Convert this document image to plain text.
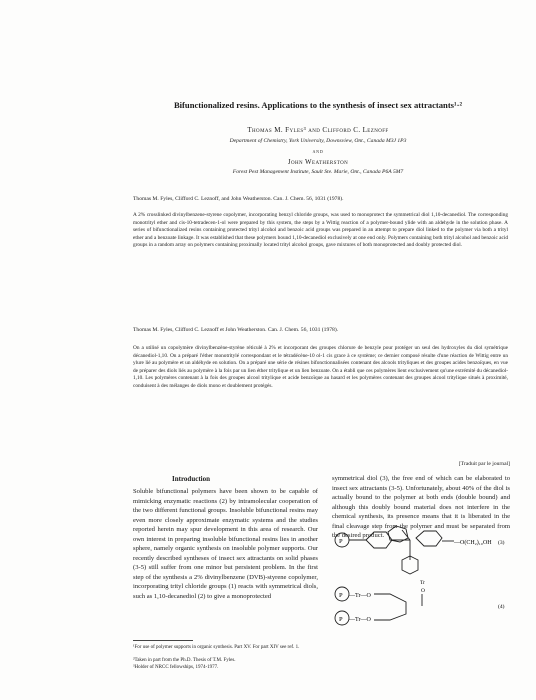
Bifunctionalized resins. Applications to the synthesis of insect sex attractants¹·²
Thomas M. Fyles³ and Clifford C. Leznoff
Department of Chemistry, York University, Downsview, Ont., Canada M3J 1P3
and
John Weatherston
Forest Pest Management Institute, Sault Ste. Marie, Ont., Canada P6A 5M7
Thomas M. Fyles, Clifford C. Leznoff, and John Weatherston. Can. J. Chem. 56, 1031 (1978).
A 2% crosslinked divinylbenzene-styrene copolymer, incorporating benzyl chloride groups, was used to monoprotect the symmetrical diol 1,10-decanediol. The corresponding monotrityl ether and cis-10-tetradecen-1-ol were prepared by this system, the steps by a Wittig reaction of a polymer-bound ylide with an aldehyde in the solution phase. A series of bifunctionalized resins containing protected trityl alcohol and benzoic acid groups was prepared in an attempt to prepare diol linked to the polymer via both a trityl ether and a benzoate linkage. It was established that these polymers bound 1,10-decanediol exclusively at one end only. Polymers containing both trityl alcohol and benzoic acid groups in a random array on polymers containing proximally located trityl alcohol groups, gave mixtures of both monoprotected and doubly protected diol.
Thomas M. Fyles, Clifford C. Leznoff et John Weatherston. Can. J. Chem. 56, 1031 (1978).
On a utilisé un copolymère divinylbenzène-styrène réticulé à 2% et incorporant des groupes chlorure de benzyle pour protéger un seul des hydroxyles du diol symétrique décanediol-1,10. On a préparé l'éther monotritylé correspondant et le tétradécène-10 ol-1 cis grace à ce système; ce dernier composé résulte d'une réaction de Wittig entre un ylure lié au polymère et un aldéhyde en solution. On a préparé une série de résines bifonctionnalisées contenant des alcools trityliques et des groupes acides benzoïques, en vue de préparer des diols liés au polymère à la fois par un lien éther tritylique et un lien benzoate. On a établi que ces polymères lient exclusivement qu'une extrémité du décanediol-1,10. Les polymères contenant à la fois des groupes alcool tritylique et acide benzoïque au hasard et les polymères contenant des groupes alcool tritylique situés à proximité, conduisent à des mélanges de diols mono et doublement protégés.
[Traduit par le journal]
Introduction
Soluble bifunctional polymers have been shown to be capable of mimicking enzymatic reactions (2) by intramolecular cooperation of the two different functional groups. Insoluble bifunctional resins may even more closely approximate enzymatic systems and the studies reported herein may spur development in this area of research. Our own interest in preparing insoluble bifunctional resins lies in another sphere, namely organic synthesis on insoluble polymer supports. Our recently described syntheses of insect sex attractants on solid phases (3-5) still suffer from one minor but persistent problem. In the first step of the synthesis a 2% divinylbenzene (DVB)-styrene copolymer, incorporating trityl chloride groups (1) reacts with symmetrical diols, such as 1,10-decanediol (2) to give a monoprotected
symmetrical diol (3), the free end of which can be elaborated to insect sex attractants (3-5). Unfortunately, about 40% of the diol is actually bound to the polymer at both ends (double bound) and although this doubly bound material does not interfere in the chemical synthesis, its presence means that it is liberated in the final cleavage step from the polymer and must be separated from the desired product.
P	—O(CH₂)₁₀OH (3)
Tr
O
P —Tr—O
P —Tr—O
(4)
¹For use of polymer supports in organic synthesis. Part XV. For part XIV see ref. 1.
²Taken in part from the Ph.D. Thesis of T.M. Fyles.
³Holder of NRCC fellowships, 1974-1977.
